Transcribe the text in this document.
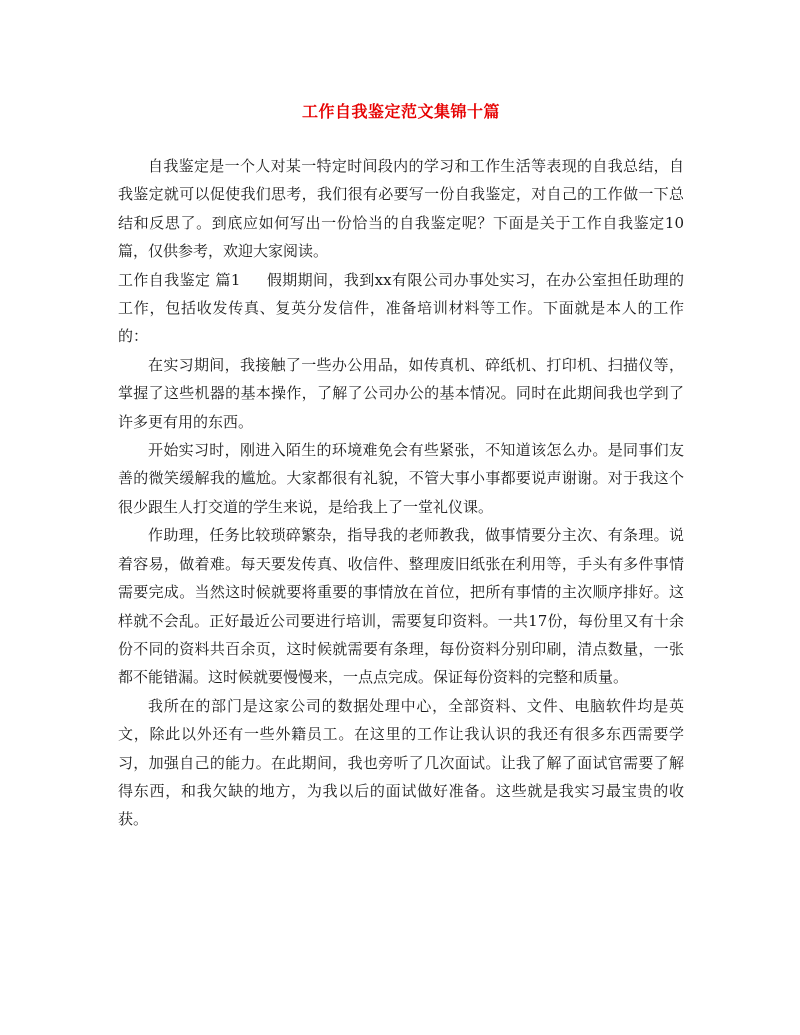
工作自我鉴定范文集锦十篇

自我鉴定是一个人对某一特定时间段内的学习和工作生活等表现的自我总结，自我鉴定就可以促使我们思考，我们很有必要写一份自我鉴定，对自己的工作做一下总结和反思了。到底应如何写出一份恰当的自我鉴定呢？下面是关于工作自我鉴定10篇，仅供参考，欢迎大家阅读。

工作自我鉴定 篇1 假期期间，我到xx有限公司办事处实习，在办公室担任助理的工作，包括收发传真、复英分发信件，准备培训材料等工作。下面就是本人的工作的：

在实习期间，我接触了一些办公用品，如传真机、碎纸机、打印机、扫描仪等，掌握了这些机器的基本操作，了解了公司办公的基本情况。同时在此期间我也学到了许多更有用的东西。

开始实习时，刚进入陌生的环境难免会有些紧张，不知道该怎么办。是同事们友善的微笑缓解我的尴尬。大家都很有礼貌，不管大事小事都要说声谢谢。对于我这个很少跟生人打交道的学生来说，是给我上了一堂礼仪课。

作助理，任务比较琐碎繁杂，指导我的老师教我，做事情要分主次、有条理。说着容易，做着难。每天要发传真、收信件、整理废旧纸张在利用等，手头有多件事情需要完成。当然这时候就要将重要的事情放在首位，把所有事情的主次顺序排好。这样就不会乱。正好最近公司要进行培训，需要复印资料。一共17份，每份里又有十余份不同的资料共百余页，这时候就需要有条理，每份资料分别印刷，清点数量，一张都不能错漏。这时候就要慢慢来，一点点完成。保证每份资料的完整和质量。

我所在的部门是这家公司的数据处理中心，全部资料、文件、电脑软件均是英文，除此以外还有一些外籍员工。在这里的工作让我认识的我还有很多东西需要学习，加强自己的能力。在此期间，我也旁听了几次面试。让我了解了面试官需要了解得东西，和我欠缺的地方，为我以后的面试做好准备。这些就是我实习最宝贵的收获。
